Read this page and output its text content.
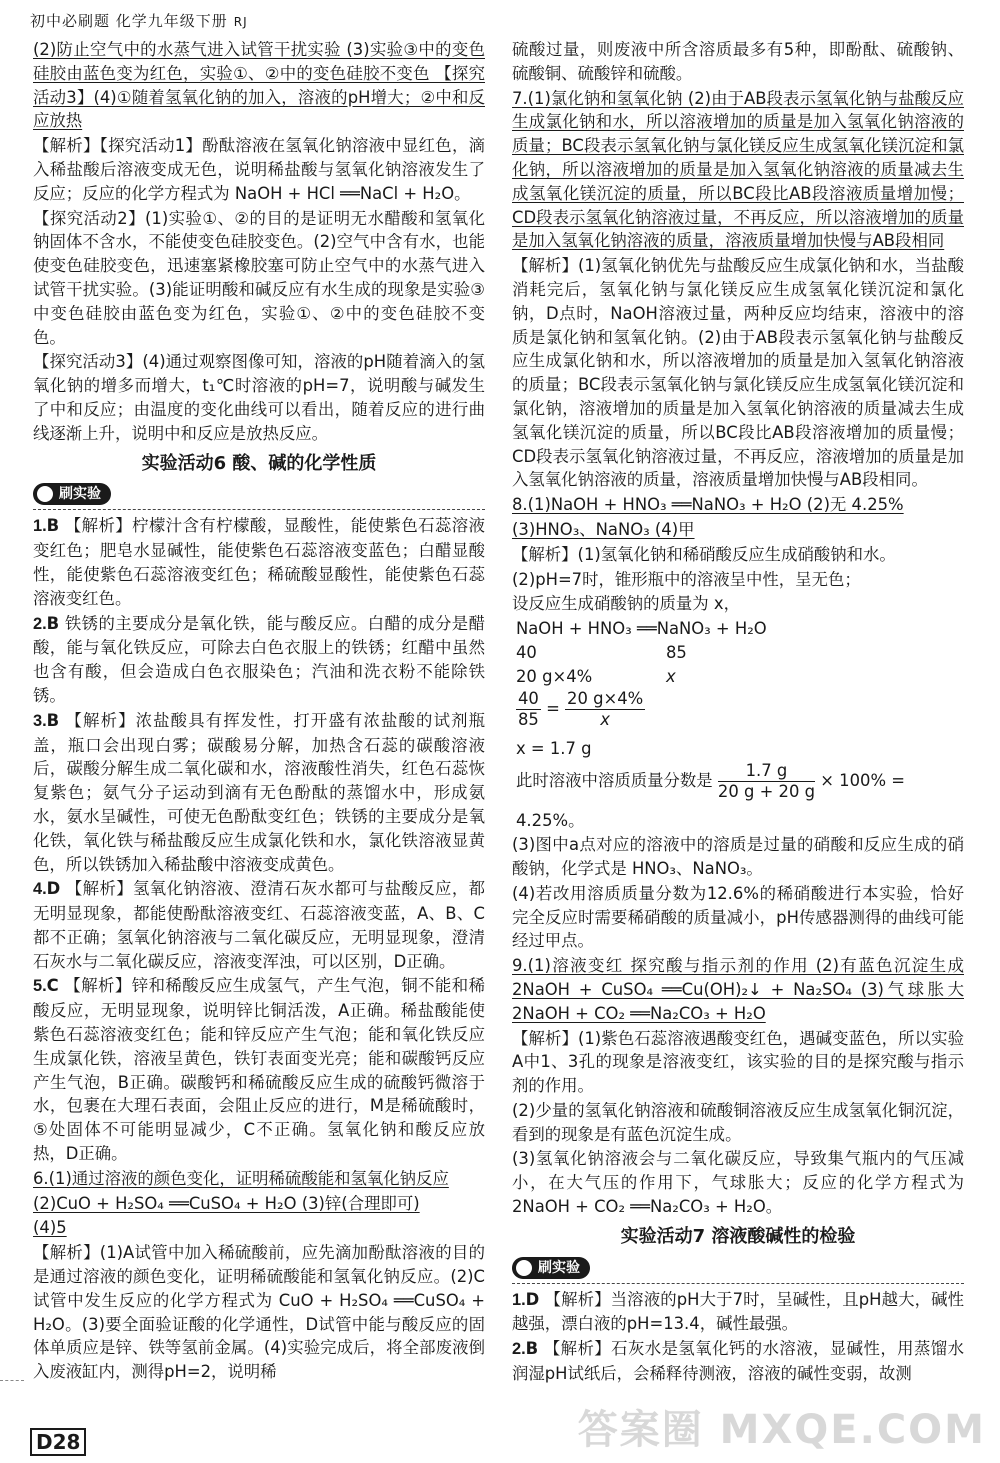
初中必刷题 化学九年级下册 RJ

(2)防止空气中的水蒸气进入试管干扰实验 (3)实验③中的变色硅胶由蓝色变为红色，实验①、②中的变色硅胶不变色 【探究活动3】(4)①随着氢氧化钠的加入，溶液的pH增大；②中和反应放热

【解析】【探究活动1】酚酞溶液在氢氧化钠溶液中显红色，滴入稀盐酸后溶液变成无色，说明稀盐酸与氢氧化钠溶液发生了反应；反应的化学方程式为 NaOH + HCl ══NaCl + H₂O。

【探究活动2】(1)实验①、②的目的是证明无水醋酸和氢氧化钠固体不含水，不能使变色硅胶变色。(2)空气中含有水，也能使变色硅胶变色，迅速塞紧橡胶塞可防止空气中的水蒸气进入试管干扰实验。(3)能证明酸和碱反应有水生成的现象是实验③中变色硅胶由蓝色变为红色，实验①、②中的变色硅胶不变色。

【探究活动3】(4)通过观察图像可知，溶液的pH随着滴入的氢氧化钠的增多而增大，t₁℃时溶液的pH=7，说明酸与碱发生了中和反应；由温度的变化曲线可以看出，随着反应的进行曲线逐渐上升，说明中和反应是放热反应。

实验活动6 酸、碱的化学性质
刷实验

1.B 【解析】柠檬汁含有柠檬酸，显酸性，能使紫色石蕊溶液变红色；肥皂水显碱性，能使紫色石蕊溶液变蓝色；白醋显酸性，能使紫色石蕊溶液变红色；稀硫酸显酸性，能使紫色石蕊溶液变红色。

2.B 铁锈的主要成分是氧化铁，能与酸反应。白醋的成分是醋酸，能与氧化铁反应，可除去白色衣服上的铁锈；红醋中虽然也含有酸，但会造成白色衣服染色；汽油和洗衣粉不能除铁锈。

3.B 【解析】浓盐酸具有挥发性，打开盛有浓盐酸的试剂瓶盖，瓶口会出现白雾；碳酸易分解，加热含石蕊的碳酸溶液后，碳酸分解生成二氧化碳和水，溶液酸性消失，红色石蕊恢复紫色；氨气分子运动到滴有无色酚酞的蒸馏水中，形成氨水，氨水呈碱性，可使无色酚酞变红色；铁锈的主要成分是氧化铁，氧化铁与稀盐酸反应生成氯化铁和水，氯化铁溶液显黄色，所以铁锈加入稀盐酸中溶液变成黄色。

4.D 【解析】氢氧化钠溶液、澄清石灰水都可与盐酸反应，都无明显现象，都能使酚酞溶液变红、石蕊溶液变蓝，A、B、C都不正确；氢氧化钠溶液与二氧化碳反应，无明显现象，澄清石灰水与二氧化碳反应，溶液变浑浊，可以区别，D正确。

5.C 【解析】锌和稀酸反应生成氢气，产生气泡，铜不能和稀酸反应，无明显现象，说明锌比铜活泼，A正确。稀盐酸能使紫色石蕊溶液变红色；能和锌反应产生气泡；能和氧化铁反应生成氯化铁，溶液呈黄色，铁钉表面变光亮；能和碳酸钙反应产生气泡，B正确。碳酸钙和稀硫酸反应生成的硫酸钙微溶于水，包裹在大理石表面，会阻止反应的进行，M是稀硫酸时，⑤处固体不可能明显减少，C不正确。氢氧化钠和酸反应放热，D正确。

6.(1)通过溶液的颜色变化，证明稀硫酸能和氢氧化钠反应

(2)CuO + H₂SO₄ ══CuSO₄ + H₂O (3)锌(合理即可)

(4)5

【解析】(1)A试管中加入稀硫酸前，应先滴加酚酞溶液的目的是通过溶液的颜色变化，证明稀硫酸能和氢氧化钠反应。(2)C试管中发生反应的化学方程式为 CuO + H₂SO₄ ══CuSO₄ + H₂O。(3)要全面验证酸的化学通性，D试管中能与酸反应的固体单质应是锌、铁等氢前金属。(4)实验完成后，将全部废液倒入废液缸内，测得pH=2，说明稀

硫酸过量，则废液中所含溶质最多有5种，即酚酞、硫酸钠、硫酸铜、硫酸锌和硫酸。

7.(1)氯化钠和氢氧化钠 (2)由于AB段表示氢氧化钠与盐酸反应生成氯化钠和水，所以溶液增加的质量是加入氢氧化钠溶液的质量；BC段表示氢氧化钠与氯化镁反应生成氢氧化镁沉淀和氯化钠，所以溶液增加的质量是加入氢氧化钠溶液的质量减去生成氢氧化镁沉淀的质量，所以BC段比AB段溶液质量增加慢；CD段表示氢氧化钠溶液过量，不再反应，所以溶液增加的质量是加入氢氧化钠溶液的质量，溶液质量增加快慢与AB段相同

【解析】(1)氢氧化钠优先与盐酸反应生成氯化钠和水，当盐酸消耗完后，氢氧化钠与氯化镁反应生成氢氧化镁沉淀和氯化钠，D点时，NaOH溶液过量，两种反应均结束，溶液中的溶质是氯化钠和氢氧化钠。(2)由于AB段表示氢氧化钠与盐酸反应生成氯化钠和水，所以溶液增加的质量是加入氢氧化钠溶液的质量；BC段表示氢氧化钠与氯化镁反应生成氢氧化镁沉淀和氯化钠，溶液增加的质量是加入氢氧化钠溶液的质量减去生成氢氧化镁沉淀的质量，所以BC段比AB段溶液增加的质量慢；CD段表示氢氧化钠溶液过量，不再反应，溶液增加的质量是加入氢氧化钠溶液的质量，溶液质量增加快慢与AB段相同。

8.(1)NaOH + HNO₃ ══NaNO₃ + H₂O (2)无 4.25%

(3)HNO₃、NaNO₃ (4)甲

【解析】(1)氢氧化钠和稀硝酸反应生成硝酸钠和水。

(2)pH=7时，锥形瓶中的溶液呈中性，呈无色；

设反应生成硝酸钠的质量为 x，

NaOH + HNO₃ ══NaNO₃ + H₂O
40	85
20 g×4%	x
$\frac{40}{85} = \frac{20 g\times 4\%}{x}$
x = 1.7 g
此时溶液中溶质质量分数是 $\frac{1.7 g}{20 g + 20 g} \times 100\%$ =
4.25%。

(3)图中a点对应的溶液中的溶质是过量的硝酸和反应生成的硝酸钠，化学式是 HNO₃、NaNO₃。

(4)若改用溶质质量分数为12.6%的稀硝酸进行本实验，恰好完全反应时需要稀硝酸的质量减小，pH传感器测得的曲线可能经过甲点。

9.(1)溶液变红 探究酸与指示剂的作用 (2)有蓝色沉淀生成 2NaOH + CuSO₄ ══Cu(OH)₂↓ + Na₂SO₄ (3)气球胀大 2NaOH + CO₂ ══Na₂CO₃ + H₂O

【解析】(1)紫色石蕊溶液遇酸变红色，遇碱变蓝色，所以实验A中1、3孔的现象是溶液变红，该实验的目的是探究酸与指示剂的作用。

(2)少量的氢氧化钠溶液和硫酸铜溶液反应生成氢氧化铜沉淀，看到的现象是有蓝色沉淀生成。

(3)氢氧化钠溶液会与二氧化碳反应，导致集气瓶内的气压减小，在大气压的作用下，气球胀大；反应的化学方程式为 2NaOH + CO₂ ══Na₂CO₃ + H₂O。

实验活动7 溶液酸碱性的检验
刷实验

1.D 【解析】当溶液的pH大于7时，呈碱性，且pH越大，碱性越强，漂白液的pH=13.4，碱性最强。

2.B 【解析】石灰水是氢氧化钙的水溶液，显碱性，用蒸馏水润湿pH试纸后，会稀释待测液，溶液的碱性变弱，故测

D28	答案圈 MXQE.COM
